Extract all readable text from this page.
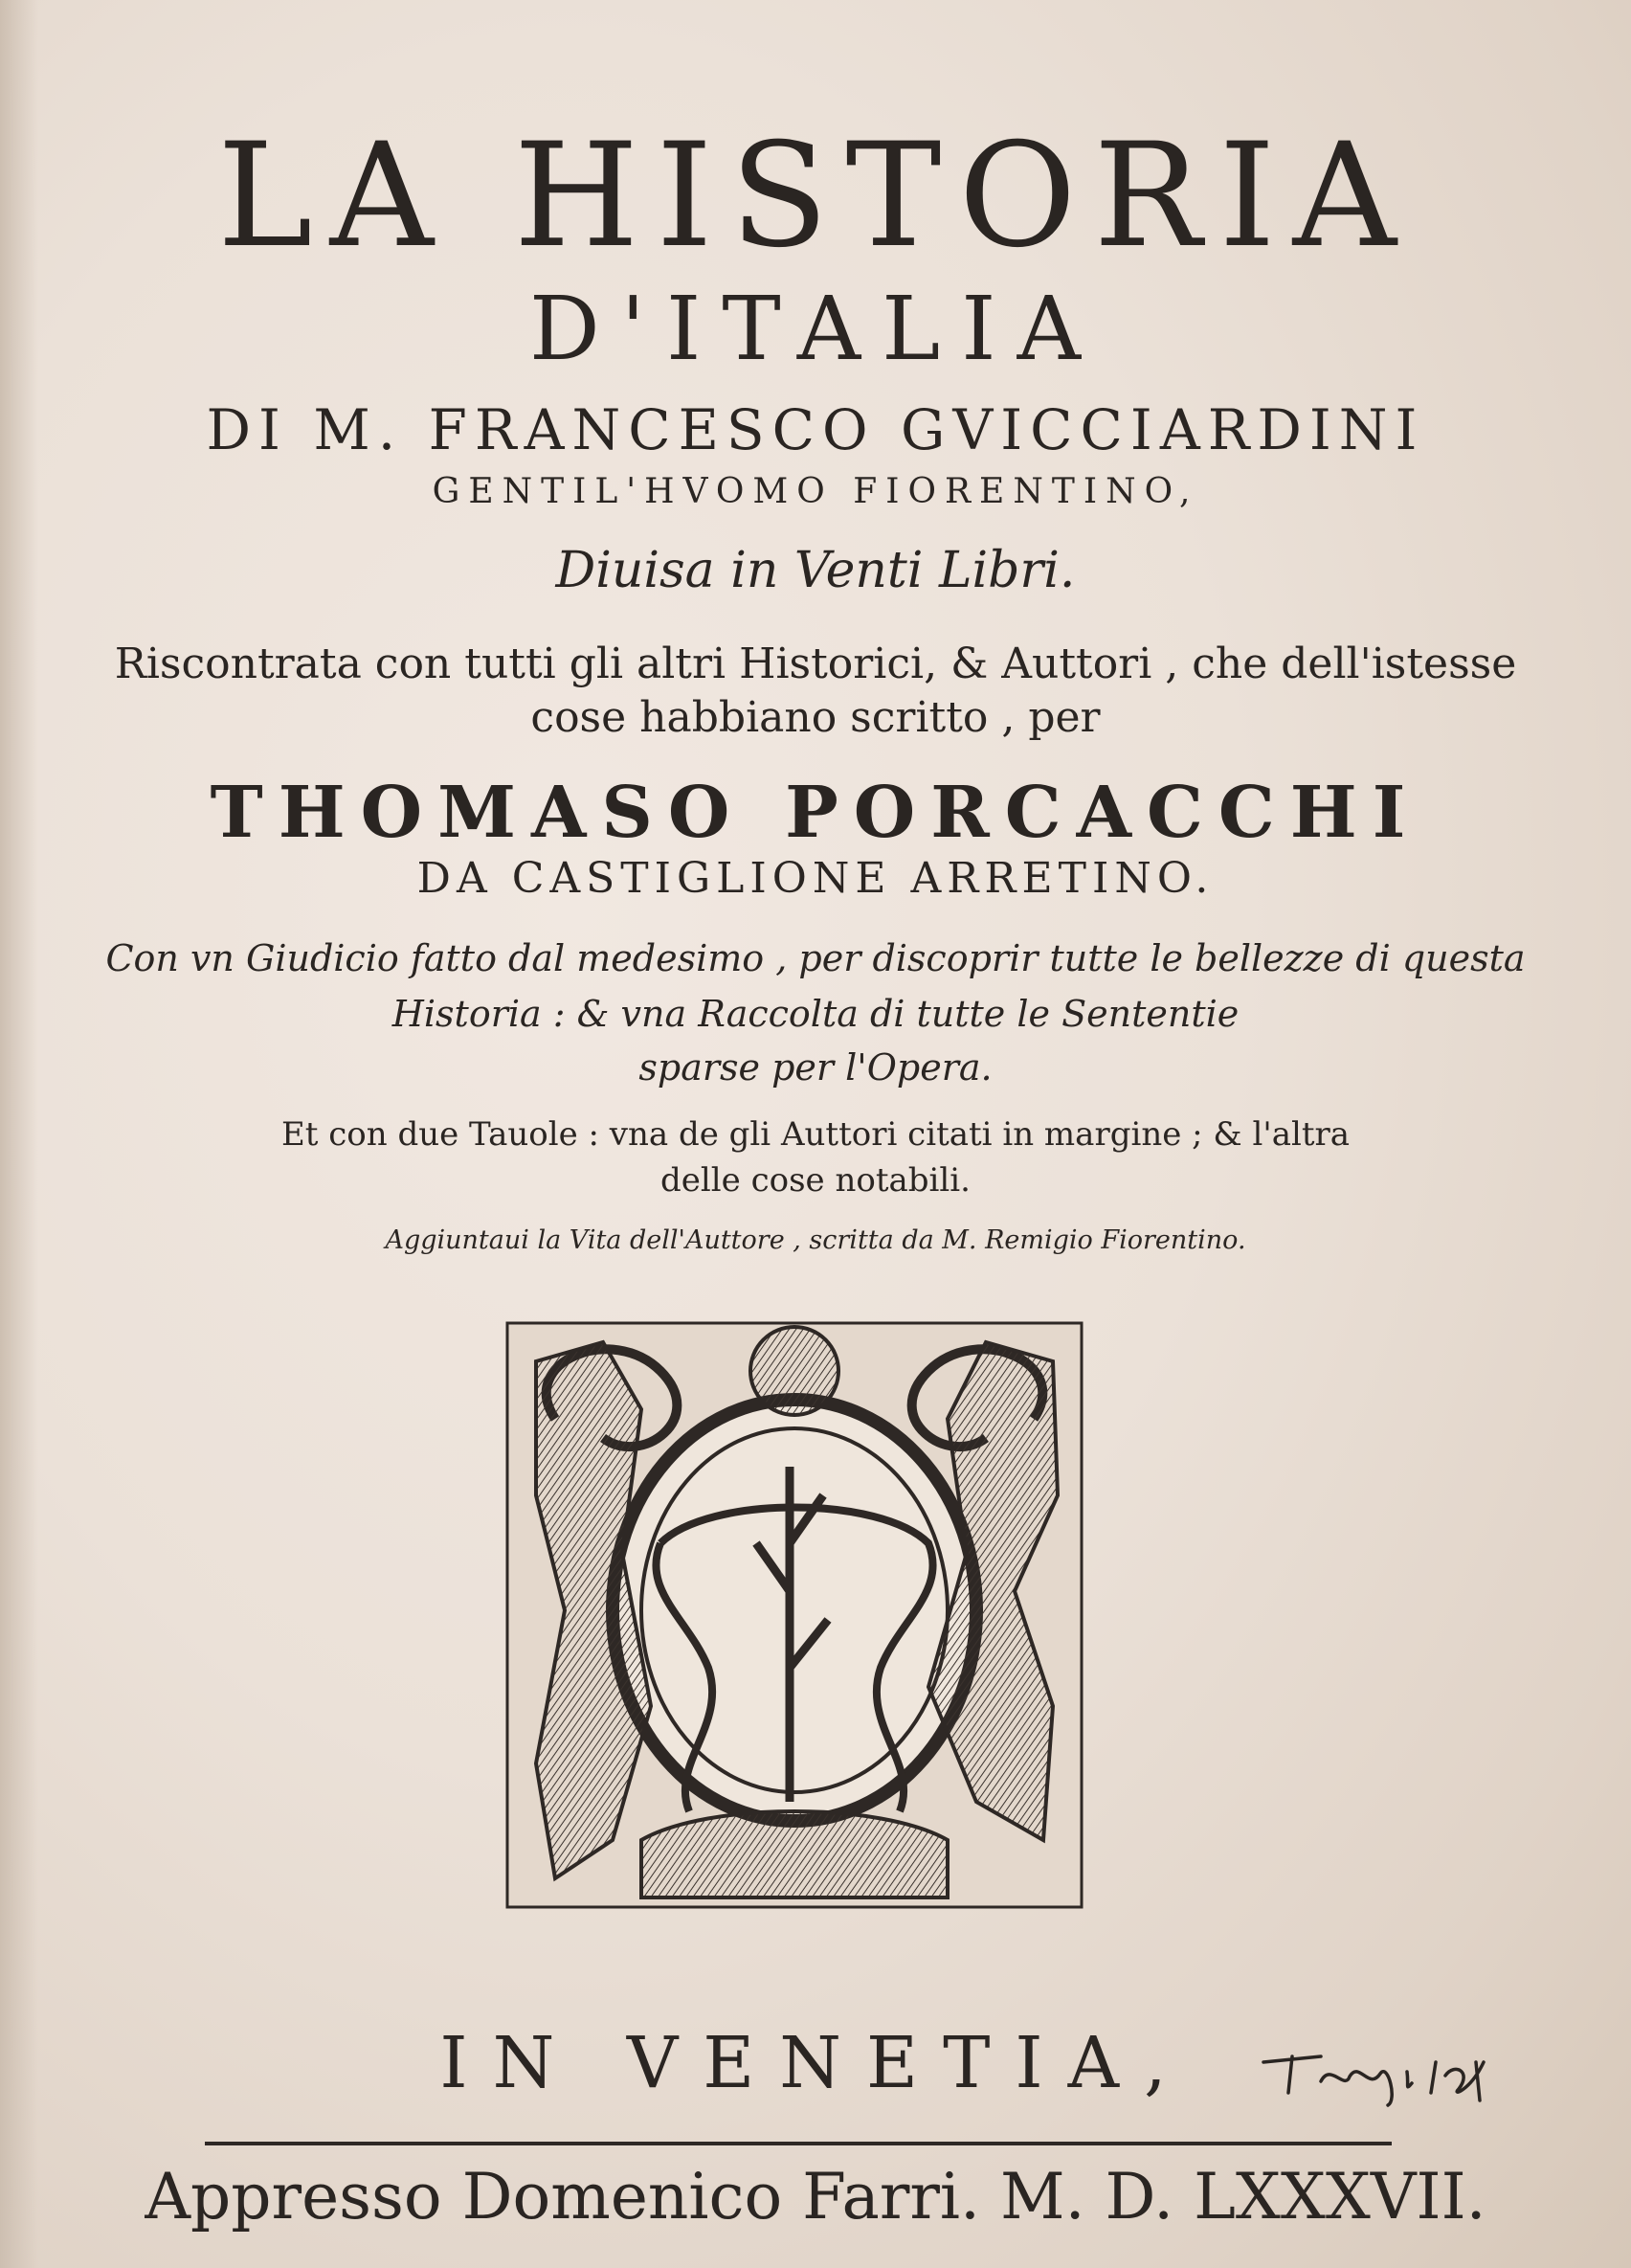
LA HISTORIA
D'ITALIA
DI M. FRANCESCO GVICCIARDINI
GENTIL'HVOMO FIORENTINO,
Diuisa in Venti Libri.
Riscontrata con tutti gli altri Historici, & Auttori , che dell'istesse
cose habbiano scritto , per
THOMASO PORCACCHI
DA CASTIGLIONE ARRETINO.
Con vn Giudicio fatto dal medesimo , per discoprir tutte le bellezze di questa
Historia : & vna Raccolta di tutte le Sententie
sparse per l'Opera.
Et con due Tauole : vna de gli Auttori citati in margine ; & l'altra
delle cose notabili.
Aggiuntaui la Vita dell'Auttore , scritta da M. Remigio Fiorentino.
IN VENETIA,
Appresso Domenico Farri. M. D. LXXXVII.
